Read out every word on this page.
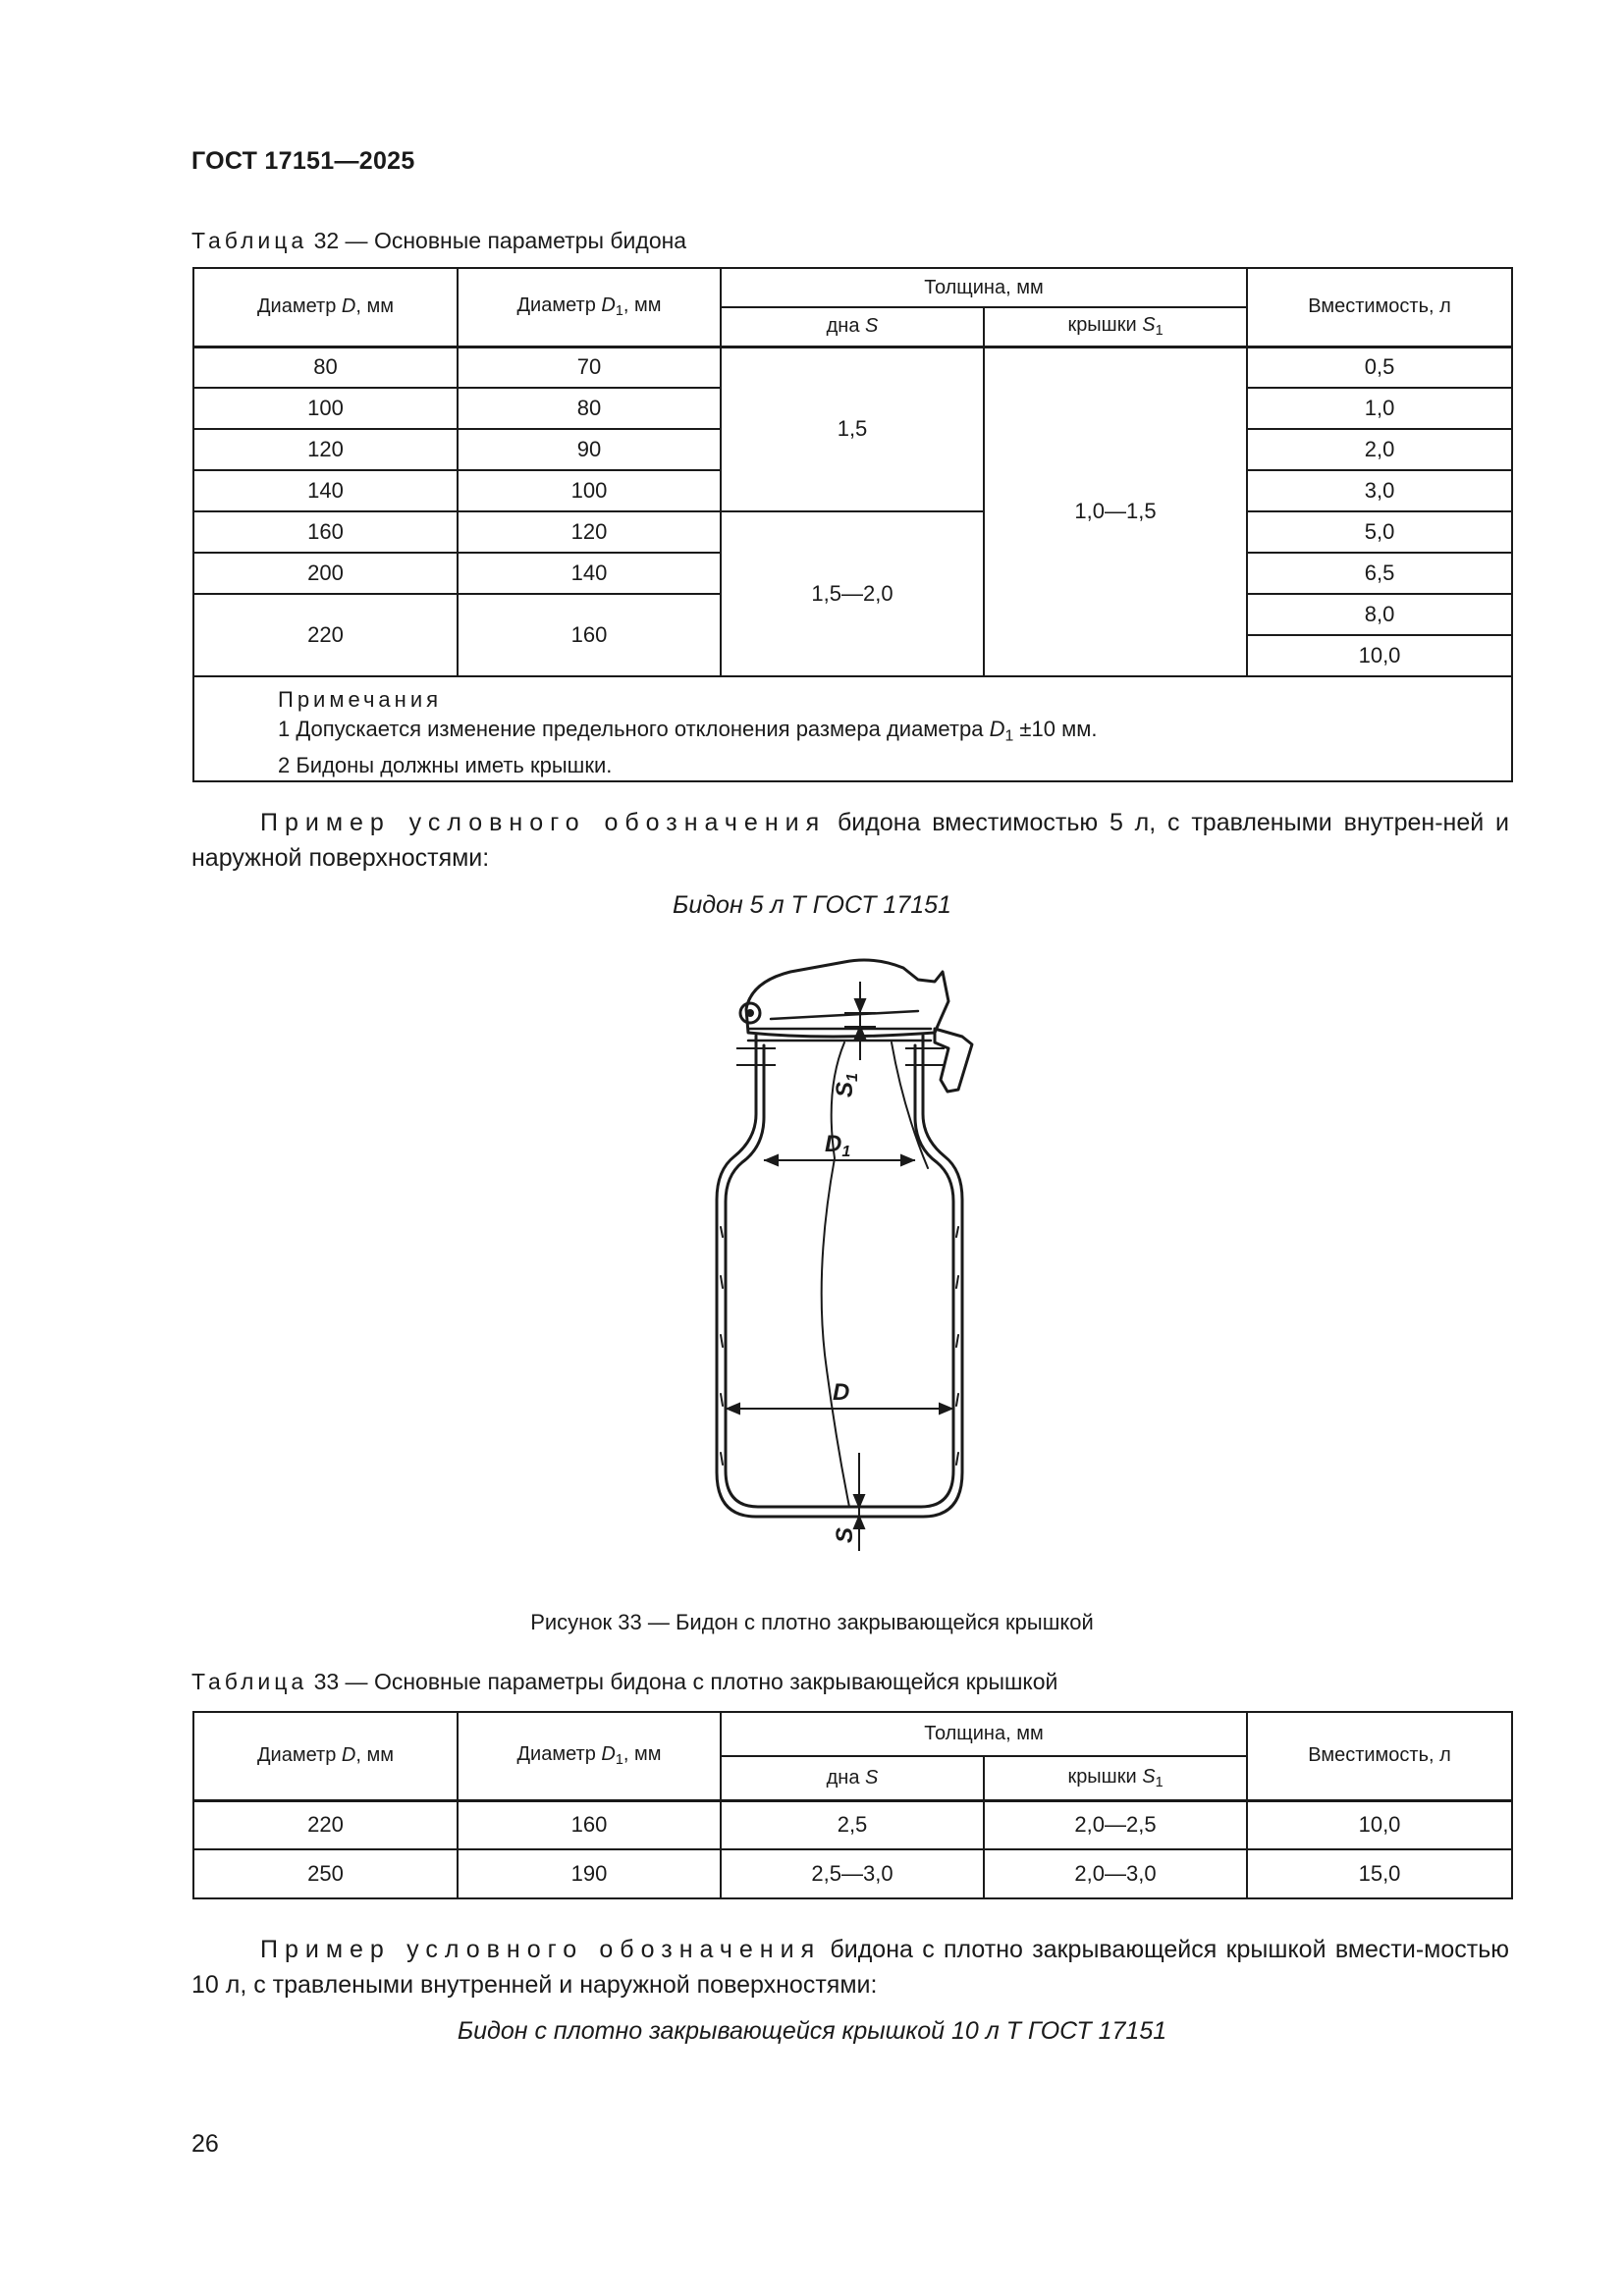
ГОСТ 17151—2025
Таблица 32 — Основные параметры бидона
Диаметр D, мм	Диаметр $D_1$, мм	Толщина, мм		Вместимость, л
		дна S	крышки $S_1$
80	70	1,5	1,0—1,5	0,5
100	80			1,0
120	90			2,0
140	100			3,0
160	120	1,5—2,0		5,0
200	140			6,5
220	160			8,0
				10,0

Примечания
1 Допускается изменение предельного отклонения размера диаметра $D_1 \pm 10$ мм.
2 Бидоны должны иметь крышки.				
Пример условного обозначения бидона вместимостью 5 л, с травлеными внутрен-ней и наружной поверхностями:
Бидон 5 л Т ГОСТ 17151
$S_1$
$D_1$
D
S
Рисунок 33 — Бидон с плотно закрывающейся крышкой
Таблица 33 — Основные параметры бидона с плотно закрывающейся крышкой
Диаметр D, мм	Диаметр $D_1$, мм	Толщина, мм		Вместимость, л
		дна S	крышки $S_1$
220	160	2,5	2,0—2,5	10,0
250	190	2,5—3,0	2,0—3,0	15,0
Пример условного обозначения бидона с плотно закрывающейся крышкой вмести-мостью 10 л, с травлеными внутренней и наружной поверхностями:
Бидон с плотно закрывающейся крышкой 10 л Т ГОСТ 17151
26
